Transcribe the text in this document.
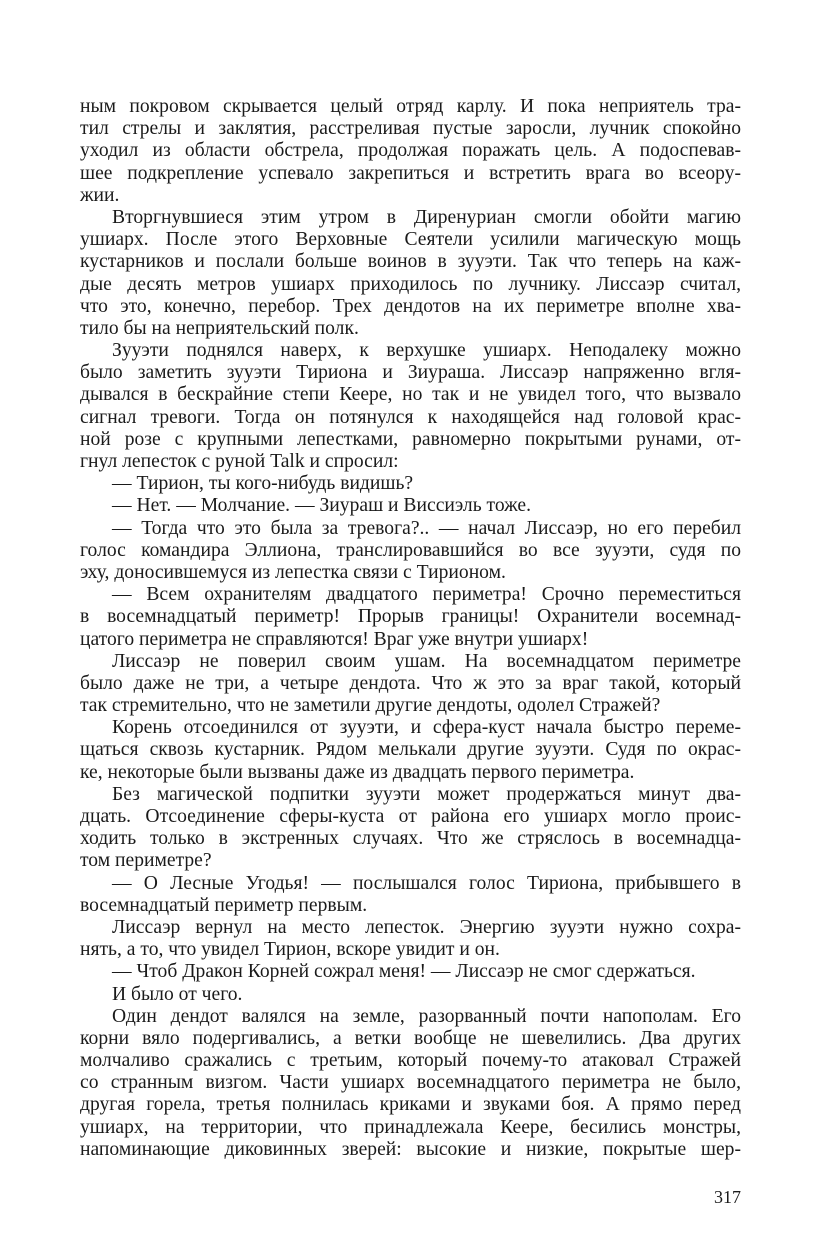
ным покровом скрывается целый отряд карлу. И пока неприятель тра-
тил стрелы и заклятия, расстреливая пустые заросли, лучник спокойно
уходил из области обстрела, продолжая поражать цель. А подоспевав-
шее подкрепление успевало закрепиться и встретить врага во всеору-
жии.
Вторгнувшиеся этим утром в Диренуриан смогли обойти магию
ушиарх. После этого Верховные Сеятели усилили магическую мощь
кустарников и послали больше воинов в зууэти. Так что теперь на каж-
дые десять метров ушиарх приходилось по лучнику. Лиссаэр считал,
что это, конечно, перебор. Трех дендотов на их периметре вполне хва-
тило бы на неприятельский полк.
Зууэти поднялся наверх, к верхушке ушиарх. Неподалеку можно
было заметить зууэти Тириона и Зиураша. Лиссаэр напряженно вгля-
дывался в бескрайние степи Кеере, но так и не увидел того, что вызвало
сигнал тревоги. Тогда он потянулся к находящейся над головой крас-
ной розе с крупными лепестками, равномерно покрытыми рунами, от-
гнул лепесток с руной Talk и спросил:
— Тирион, ты кого-нибудь видишь?
— Нет. — Молчание. — Зиураш и Виссиэль тоже.
— Тогда что это была за тревога?.. — начал Лиссаэр, но его перебил
голос командира Эллиона, транслировавшийся во все зууэти, судя по
эху, доносившемуся из лепестка связи с Тирионом.
— Всем охранителям двадцатого периметра! Срочно переместиться
в восемнадцатый периметр! Прорыв границы! Охранители восемнад-
цатого периметра не справляются! Враг уже внутри ушиарх!
Лиссаэр не поверил своим ушам. На восемнадцатом периметре
было даже не три, а четыре дендота. Что ж это за враг такой, который
так стремительно, что не заметили другие дендоты, одолел Стражей?
Корень отсоединился от зууэти, и сфера-куст начала быстро переме-
щаться сквозь кустарник. Рядом мелькали другие зууэти. Судя по окрас-
ке, некоторые были вызваны даже из двадцать первого периметра.
Без магической подпитки зууэти может продержаться минут два-
дцать. Отсоединение сферы-куста от района его ушиарх могло проис-
ходить только в экстренных случаях. Что же стряслось в восемнадца-
том периметре?
— О Лесные Угодья! — послышался голос Тириона, прибывшего в
восемнадцатый периметр первым.
Лиссаэр вернул на место лепесток. Энергию зууэти нужно сохра-
нять, а то, что увидел Тирион, вскоре увидит и он.
— Чтоб Дракон Корней сожрал меня! — Лиссаэр не смог сдержаться.
И было от чего.
Один дендот валялся на земле, разорванный почти напополам. Его
корни вяло подергивались, а ветки вообще не шевелились. Два других
молчаливо сражались с третьим, который почему-то атаковал Стражей
со странным визгом. Части ушиарх восемнадцатого периметра не было,
другая горела, третья полнилась криками и звуками боя. А прямо перед
ушиарх, на территории, что принадлежала Кеере, бесились монстры,
напоминающие диковинных зверей: высокие и низкие, покрытые шер-
317
